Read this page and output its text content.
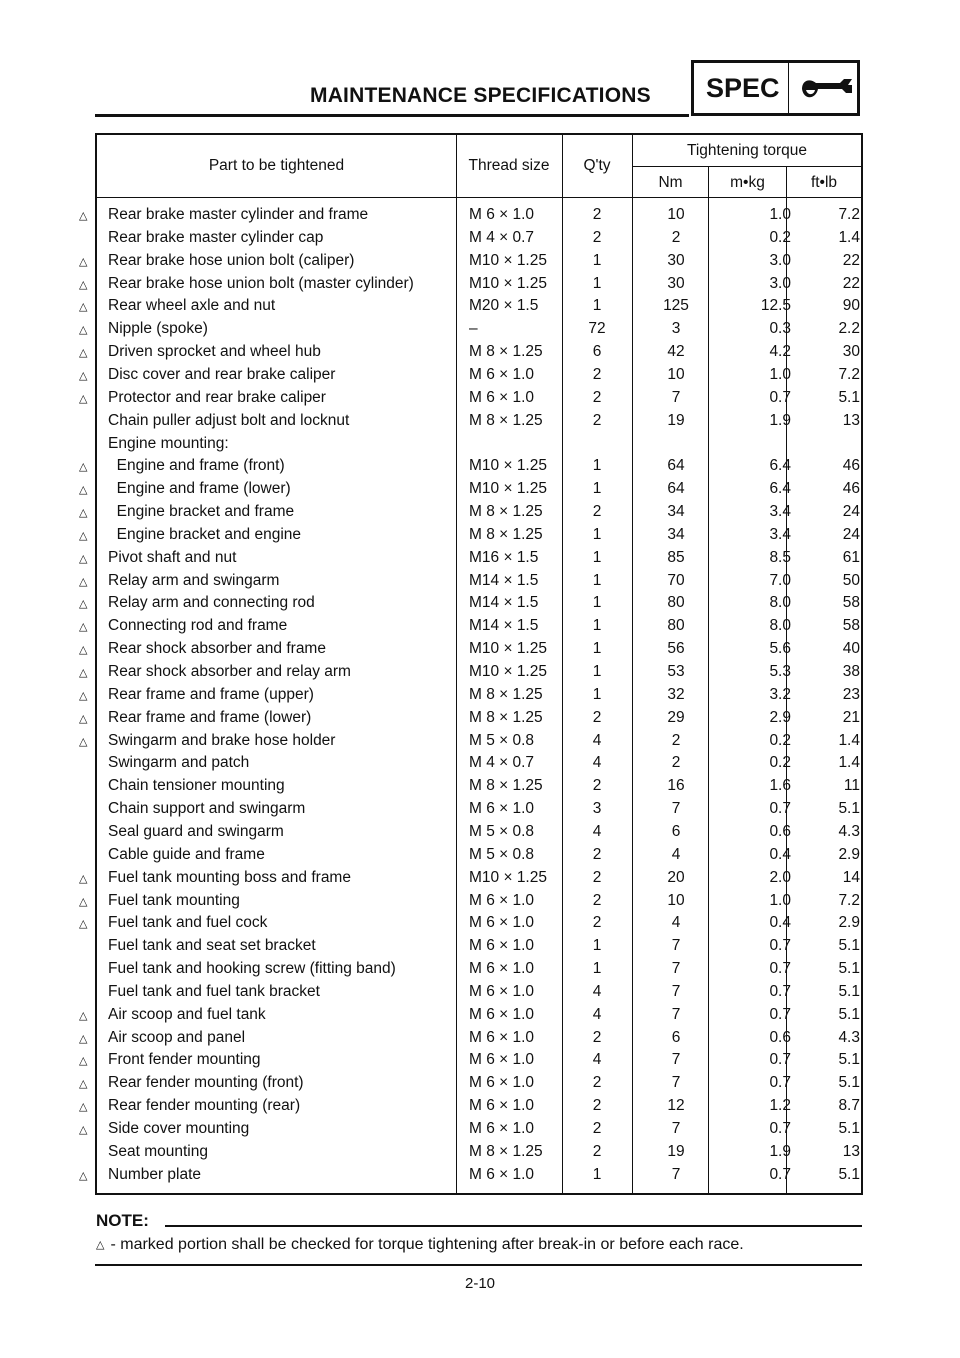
MAINTENANCE SPECIFICATIONS SPEC
Part to be tightened	Thread size	Q'ty
Tightening torque
Nm	m•kg	ft•lb
△ Rear brake master cylinder and frame	M 6 × 1.0	2	10	1.0	7.2
Rear brake master cylinder cap	M 4 × 0.7	2	2	0.2	1.4
△ Rear brake hose union bolt (caliper)	M10 × 1.25	1	30	3.0	22
△ Rear brake hose union bolt (master cylinder)	M10 × 1.25	1	30	3.0	22
△ Rear wheel axle and nut	M20 × 1.5	1	125	12.5	90
△ Nipple (spoke)	–	72	3	0.3	2.2
△ Driven sprocket and wheel hub	M 8 × 1.25	6	42	4.2	30
△ Disc cover and rear brake caliper	M 6 × 1.0	2	10	1.0	7.2
△ Protector and rear brake caliper	M 6 × 1.0	2	7	0.7	5.1
Chain puller adjust bolt and locknut	M 8 × 1.25	2	19	1.9	13
Engine mounting:
△ Engine and frame (front)	M10 × 1.25	1	64	6.4	46
△ Engine and frame (lower)	M10 × 1.25	1	64	6.4	46
△ Engine bracket and frame	M 8 × 1.25	2	34	3.4	24
△ Engine bracket and engine	M 8 × 1.25	1	34	3.4	24
△ Pivot shaft and nut	M16 × 1.5	1	85	8.5	61
△ Relay arm and swingarm	M14 × 1.5	1	70	7.0	50
△ Relay arm and connecting rod	M14 × 1.5	1	80	8.0	58
△ Connecting rod and frame	M14 × 1.5	1	80	8.0	58
△ Rear shock absorber and frame	M10 × 1.25	1	56	5.6	40
△ Rear shock absorber and relay arm	M10 × 1.25	1	53	5.3	38
△ Rear frame and frame (upper)	M 8 × 1.25	1	32	3.2	23
△ Rear frame and frame (lower)	M 8 × 1.25	2	29	2.9	21
△ Swingarm and brake hose holder	M 5 × 0.8	4	2	0.2	1.4
Swingarm and patch	M 4 × 0.7	4	2	0.2	1.4
Chain tensioner mounting	M 8 × 1.25	2	16	1.6	11
Chain support and swingarm	M 6 × 1.0	3	7	0.7	5.1
Seal guard and swingarm	M 5 × 0.8	4	6	0.6	4.3
Cable guide and frame	M 5 × 0.8	2	4	0.4	2.9
△ Fuel tank mounting boss and frame	M10 × 1.25	2	20	2.0	14
△ Fuel tank mounting	M 6 × 1.0	2	10	1.0	7.2
△ Fuel tank and fuel cock	M 6 × 1.0	2	4	0.4	2.9
Fuel tank and seat set bracket	M 6 × 1.0	1	7	0.7	5.1
Fuel tank and hooking screw (fitting band)	M 6 × 1.0	1	7	0.7	5.1
Fuel tank and fuel tank bracket	M 6 × 1.0	4	7	0.7	5.1
△ Air scoop and fuel tank	M 6 × 1.0	4	7	0.7	5.1
△ Air scoop and panel	M 6 × 1.0	2	6	0.6	4.3
△ Front fender mounting	M 6 × 1.0	4	7	0.7	5.1
△ Rear fender mounting (front)	M 6 × 1.0	2	7	0.7	5.1
△ Rear fender mounting (rear)	M 6 × 1.0	2	12	1.2	8.7
△ Side cover mounting	M 6 × 1.0	2	7	0.7	5.1
Seat mounting	M 8 × 1.25	2	19	1.9	13
△ Number plate	M 6 × 1.0	1	7	0.7	5.1
NOTE:
△ - marked portion shall be checked for torque tightening after break-in or before each race.
2-10
